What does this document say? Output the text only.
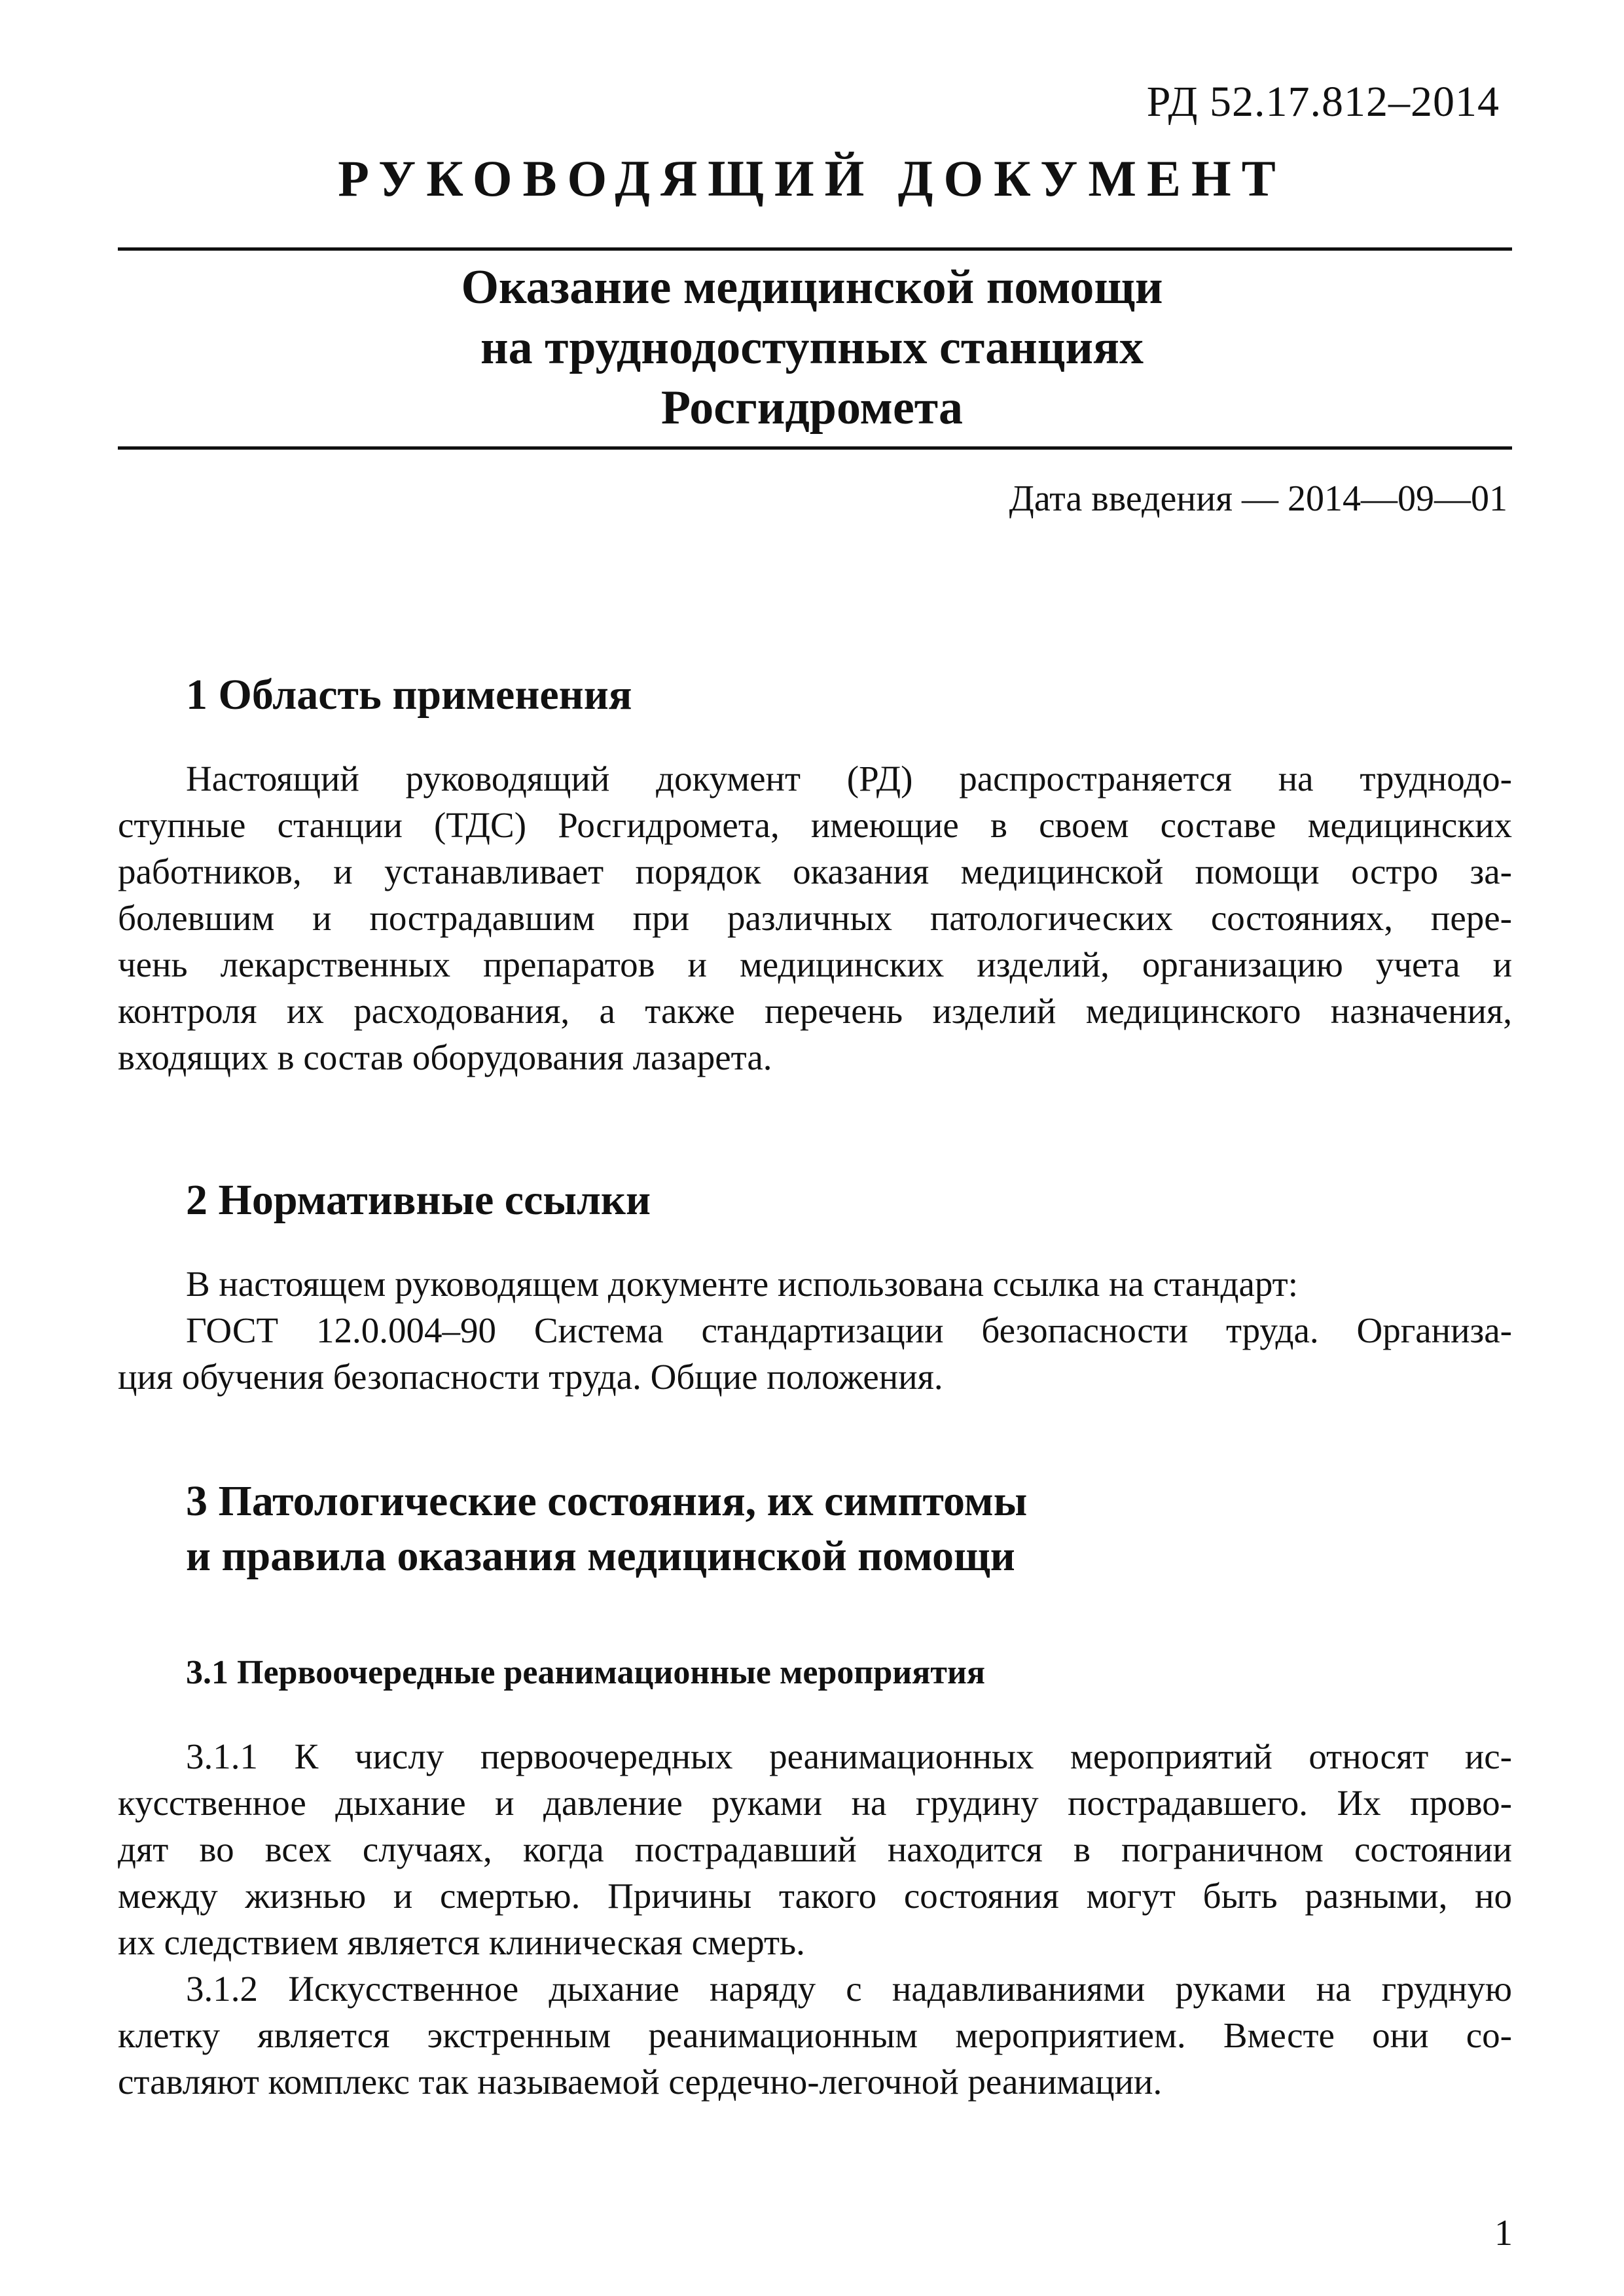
РД 52.17.812–2014
РУКОВОДЯЩИЙ ДОКУМЕНТ
Оказание медицинской помощи
на труднодоступных станциях
Росгидромета
Дата введения — 2014—09—01
1 Область применения
Настоящий руководящий документ (РД) распространяется на труднодо-
ступные станции (ТДС) Росгидромета, имеющие в своем составе медицинских
работников, и устанавливает порядок оказания медицинской помощи остро за-
болевшим и пострадавшим при различных патологических состояниях, пере-
чень лекарственных препаратов и медицинских изделий, организацию учета и
контроля их расходования, а также перечень изделий медицинского назначения,
входящих в состав оборудования лазарета.
2 Нормативные ссылки
В настоящем руководящем документе использована ссылка на стандарт:
ГОСТ 12.0.004–90 Система стандартизации безопасности труда. Организа-
ция обучения безопасности труда. Общие положения.
3 Патологические состояния, их симптомы
и правила оказания медицинской помощи
3.1 Первоочередные реанимационные мероприятия
3.1.1 К числу первоочередных реанимационных мероприятий относят ис-
кусственное дыхание и давление руками на грудину пострадавшего. Их прово-
дят во всех случаях, когда пострадавший находится в пограничном состоянии
между жизнью и смертью. Причины такого состояния могут быть разными, но
их следствием является клиническая смерть.
3.1.2 Искусственное дыхание наряду с надавливаниями руками на грудную
клетку является экстренным реанимационным мероприятием. Вместе они со-
ставляют комплекс так называемой сердечно-легочной реанимации.
1
